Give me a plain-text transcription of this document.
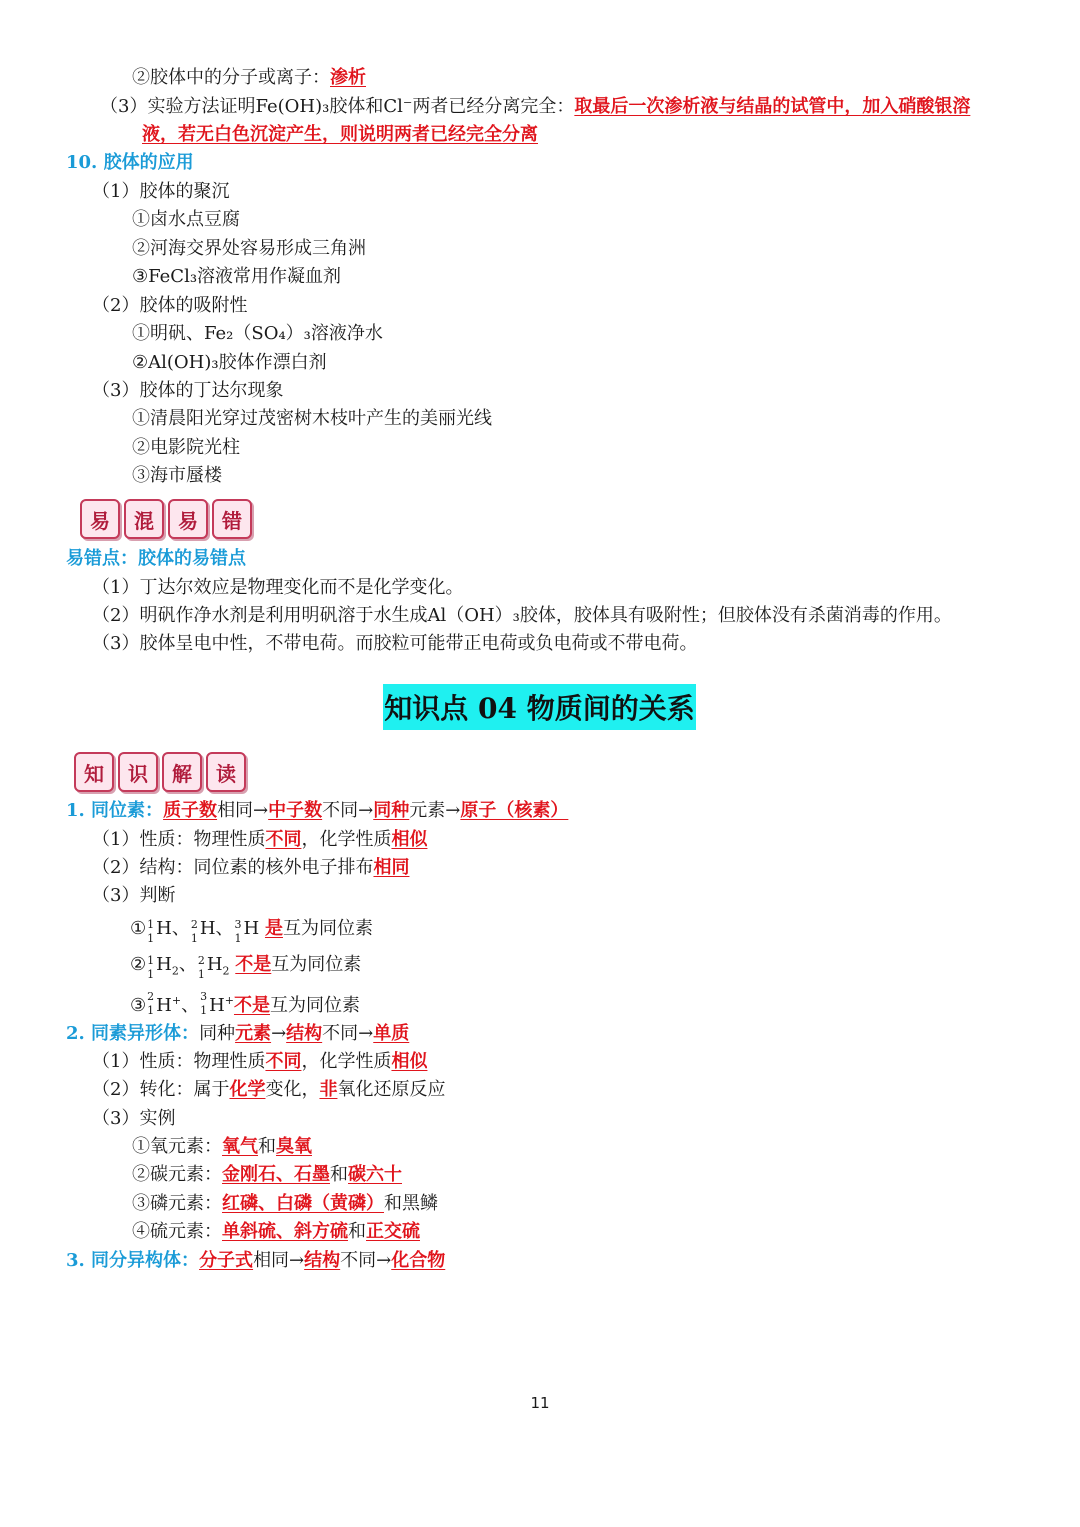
②胶体中的分子或离子：渗析
（3）实验方法证明Fe(OH)₃胶体和Cl⁻两者已经分离完全：取最后一次渗析液与结晶的试管中，加入硝酸银溶
液，若无白色沉淀产生，则说明两者已经完全分离
10. 胶体的应用
（1）胶体的聚沉
①卤水点豆腐
②河海交界处容易形成三角洲
③FeCl₃溶液常用作凝血剂
（2）胶体的吸附性
①明矾、Fe₂（SO₄）₃溶液净水
②Al(OH)₃胶体作漂白剂
（3）胶体的丁达尔现象
①清晨阳光穿过茂密树木枝叶产生的美丽光线
②电影院光柱
③海市蜃楼
易	混	易	错
易错点：胶体的易错点
（1）丁达尔效应是物理变化而不是化学变化。
（2）明矾作净水剂是利用明矾溶于水生成Al（OH）₃胶体，胶体具有吸附性；但胶体没有杀菌消毒的作用。
（3）胶体呈电中性，不带电荷。而胶粒可能带正电荷或负电荷或不带电荷。
知识点 04 物质间的关系
知	识	解	读
1. 同位素：质子数相同→中子数不同→同种元素→原子（核素）
（1）性质：物理性质不同，化学性质相似
（2）结构：同位素的核外电子排布相同
（3）判断
① 1
1 H、 2
1 H、 3
1 H 是互为同位素
② 1
1 $H_2$、 2
1 $H_2$ 不是互为同位素
③ 2
1 H+、 3
1 H+不是互为同位素
2. 同素异形体：同种元素→结构不同→单质
（1）性质：物理性质不同，化学性质相似
（2）转化：属于化学变化，非氧化还原反应
（3）实例
①氧元素：氧气和臭氧
②碳元素：金刚石、石墨和碳六十
③磷元素：红磷、白磷（黄磷）和黑鳞
④硫元素：单斜硫、斜方硫和正交硫
3. 同分异构体：分子式相同→结构不同→化合物
11
